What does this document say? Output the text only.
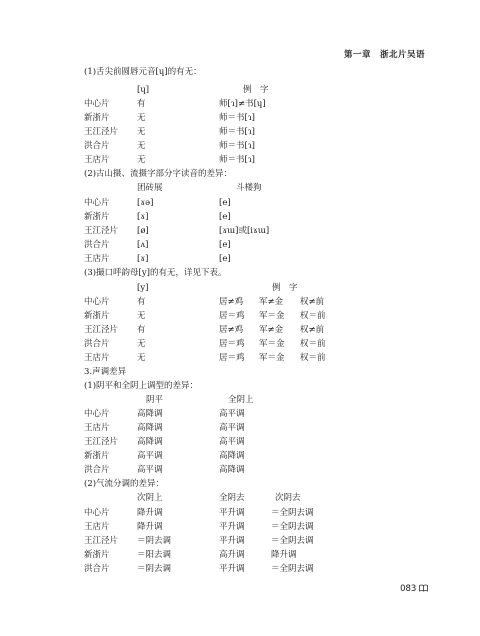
第一章　浙北片吴语
(1)舌尖前圆唇元音[ɥ]的有无：
[ɥ]	例　字
中心片	有	师[ɿ]≠书[ɥ]
新浙片	无	师＝书[ɿ]
王江泾片 无	师＝书[ɿ]
洪合片	无	师＝书[ɿ]
王店片	无	师＝书[ɿ]
(2)古山摄、流摄字部分字读音的差异：
团砖展	斗楼狗
中心片	[ɤə]	[e]
新浙片	[ɤ]	[e]
王江泾片 [ø]	[ɤɯ]或[iɤɯ]
洪合片	[ʌ]	[e]
王店片	[ɤ]	[e]
(3)撮口呼韵母[y]的有无，详见下表。
[y]	例　字
中心片	有	居≠鸡 军≠金 权≠前
新浙片	无	居＝鸡 军＝金 权＝前
王江泾片 有	居≠鸡 军≠金 权≠前
洪合片	无	居＝鸡 军＝金 权＝前
王店片	无	居＝鸡 军＝金 权＝前
3.声调差异
(1)阴平和全阴上调型的差异：
阴平	全阴上
中心片	高降调	高平调
王店片	高降调	高平调
王江泾片 高降调	高平调
新浙片	高平调	高降调
洪合片	高平调	高降调
(2)气流分调的差异：
次阴上	全阴去	次阴去
中心片	降升调	平升调	＝全阴去调
王店片	降升调	平升调	＝全阴去调
王江泾片 ＝阴去调	平升调	＝全阴去调
新浙片	＝阳去调	高升调	降升调
洪合片	＝阴去调	平升调	＝全阴去调
083
